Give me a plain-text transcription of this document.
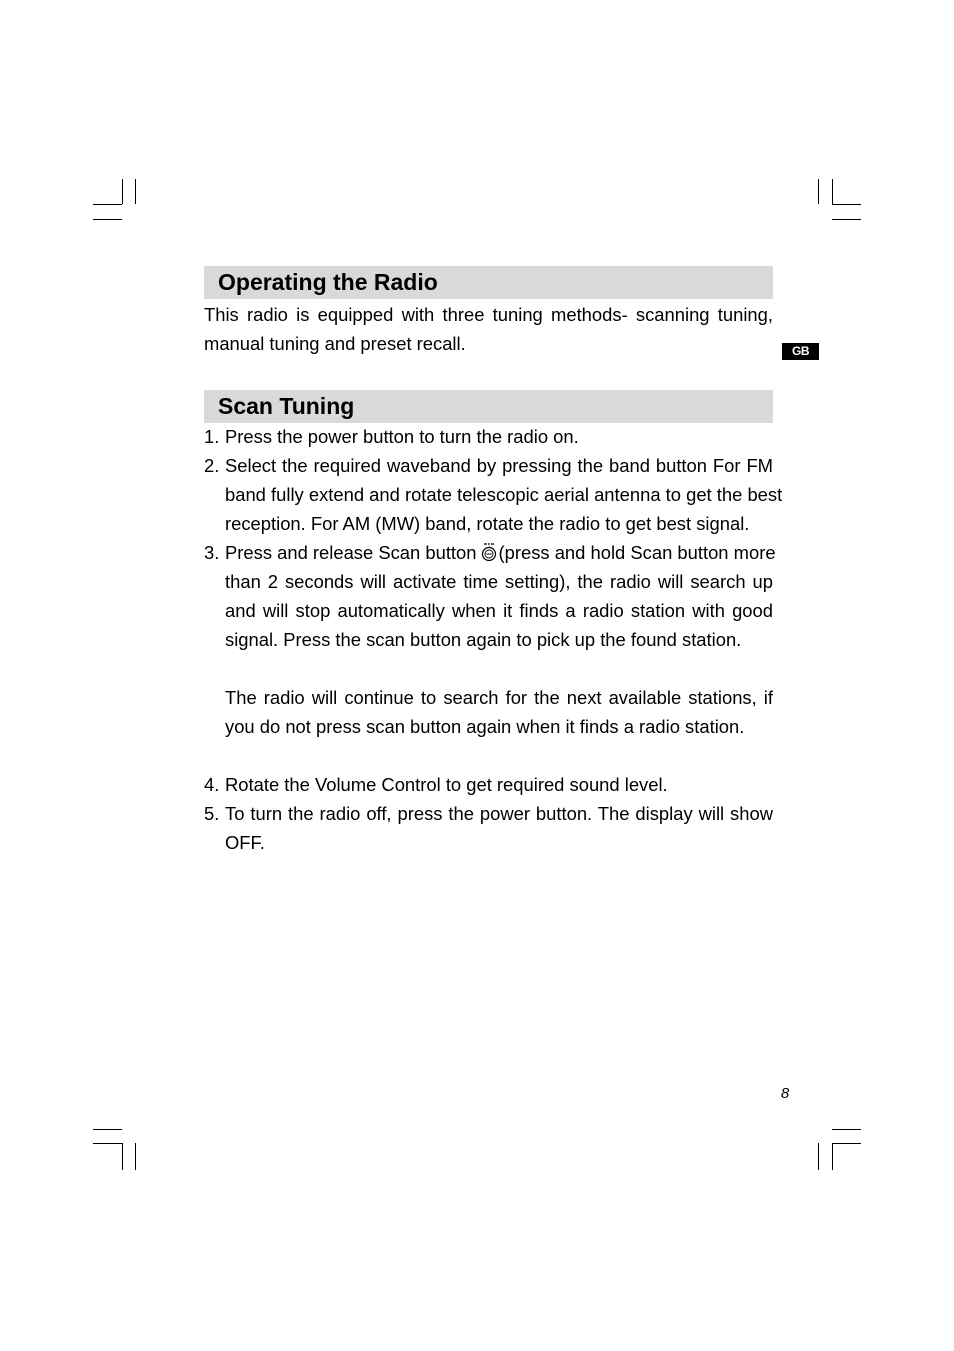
Operating the Radio

This radio is equipped with three tuning methods- scanning tuning,
manual tuning and preset recall.	GB
Scan Tuning
1. Press the power button to turn the radio on.
2. Select the required waveband by pressing the band button For FM
band fully extend and rotate telescopic aerial antenna to get the best
reception. For AM (MW) band, rotate the radio to get best signal.
3. Press and release Scan button (press and hold Scan button more
than 2 seconds will activate time setting), the radio will search up
and will stop automatically when it finds a radio station with good
signal. Press the scan button again to pick up the found station.
The radio will continue to search for the next available stations, if
you do not press scan button again when it finds a radio station.
4. Rotate the Volume Control to get required sound level.
5. To turn the radio off, press the power button. The display will show
OFF.
8
